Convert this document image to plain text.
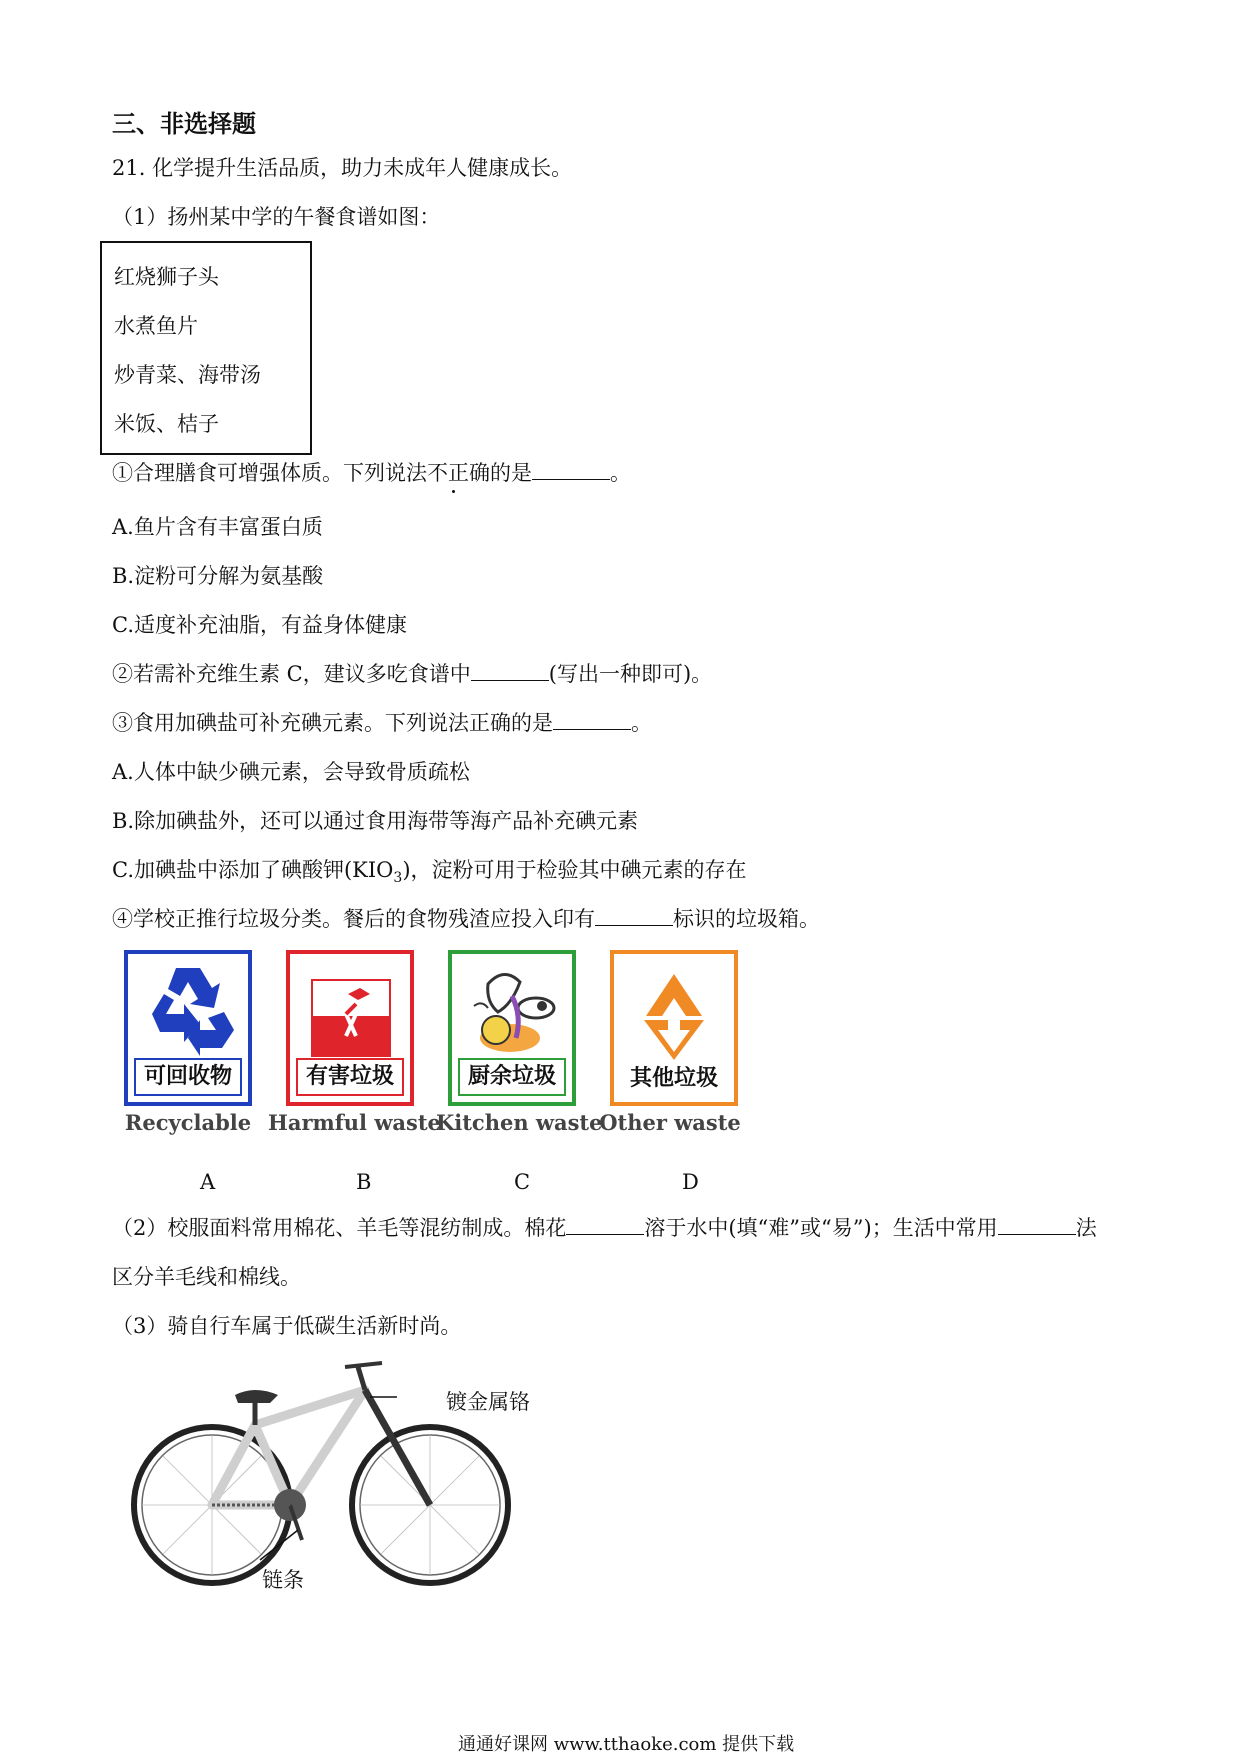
三、非选择题
21. 化学提升生活品质，助力未成年人健康成长。
（1）扬州某中学的午餐食谱如图：
红烧狮子头
水煮鱼片
炒青菜、海带汤
米饭、桔子
①合理膳食可增强体质。下列说法不正确的是	。
A.鱼片含有丰富蛋白质
B.淀粉可分解为氨基酸
C.适度补充油脂，有益身体健康
②若需补充维生素 C，建议多吃食谱中	(写出一种即可)。
③食用加碘盐可补充碘元素。下列说法正确的是	。
A.人体中缺少碘元素，会导致骨质疏松
B.除加碘盐外，还可以通过食用海带等海产品补充碘元素
C.加碘盐中添加了碘酸钾$(KIO_3)$，淀粉可用于检验其中碘元素的存在
④学校正推行垃圾分类。餐后的食物残渣应投入印有	标识的垃圾箱。
可回收物	有害垃圾	厨余垃圾	其他垃圾
Recyclable Harmful waste
Kitchen waste
Other waste
A	B	C	D
（2）校服面料常用棉花、羊毛等混纺制成。棉花	溶于水中(填“难”或“易”)；生活中常用	法
区分羊毛线和棉线。
（3）骑自行车属于低碳生活新时尚。
镀金属铬
链条
通通好课网 www.tthaoke.com 提供下载
